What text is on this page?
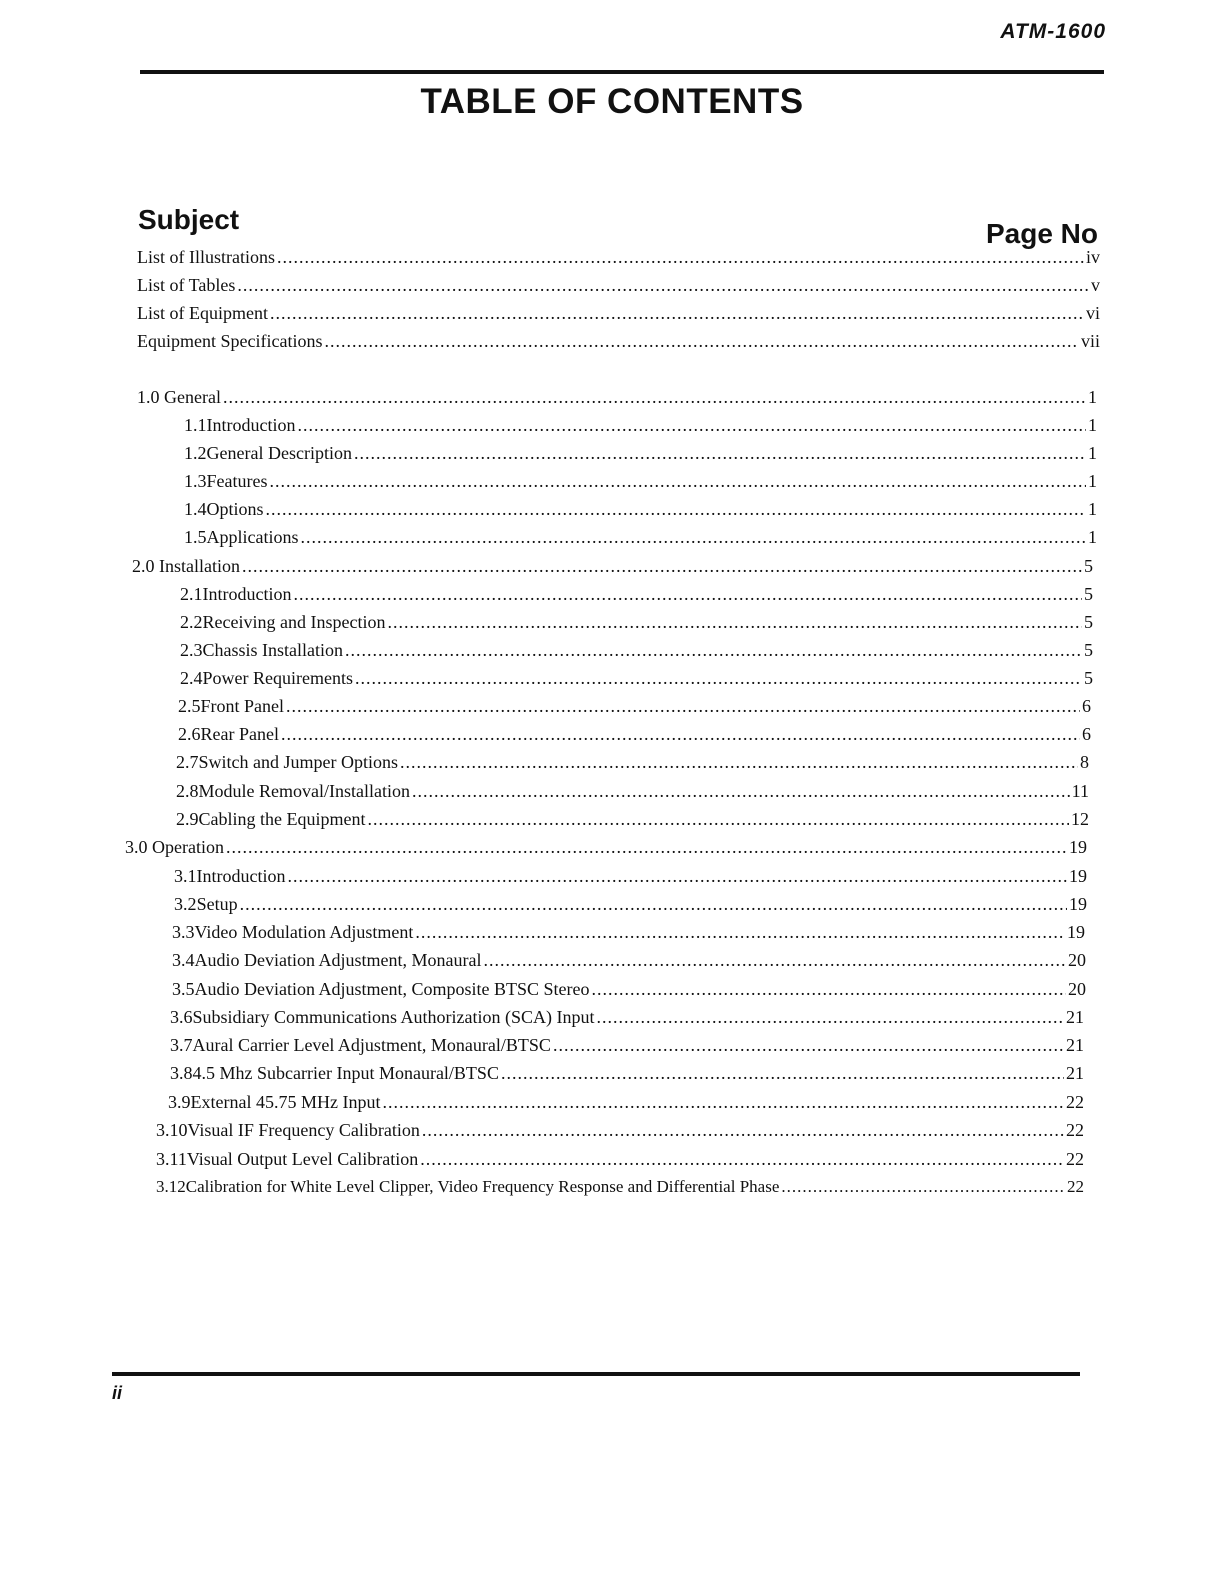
ATM-1600
TABLE OF CONTENTS
Subject	Page No
List of Illustrations .....	iv
List of Tables .....	v
List of Equipment .....	vi
Equipment Specifications .....	vii
1.0 General .....	1
1.1 Introduction .....	1
1.2 General Description .....	1
1.3 Features .....	1
1.4 Options .....	1
1.5 Applications .....	1
2.0 Installation .....	5
2.1 Introduction .....	5
2.2 Receiving and Inspection .....	5
2.3 Chassis Installation .....	5
2.4 Power Requirements .....	5
2.5 Front Panel .....	6
2.6 Rear Panel .....	6
2.7 Switch and Jumper Options .....	8
2.8 Module Removal/Installation .....	11
2.9 Cabling the Equipment .....	12
3.0 Operation .....	19
3.1 Introduction .....	19
3.2 Setup .....	19
3.3 Video Modulation Adjustment .....	19
3.4 Audio Deviation Adjustment, Monaural .....	20
3.5 Audio Deviation Adjustment, Composite BTSC Stereo .....	20
3.6 Subsidiary Communications Authorization (SCA) Input .....	21
3.7 Aural Carrier Level Adjustment, Monaural/BTSC .....	21
3.8 4.5 Mhz Subcarrier Input Monaural/BTSC .....	21
3.9 External 45.75 MHz Input .....	22
3.10 Visual IF Frequency Calibration .....	22
3.11 Visual Output Level Calibration .....	22
3.12 Calibration for White Level Clipper, Video Frequency Response and Differential Phase .....	22
ii
